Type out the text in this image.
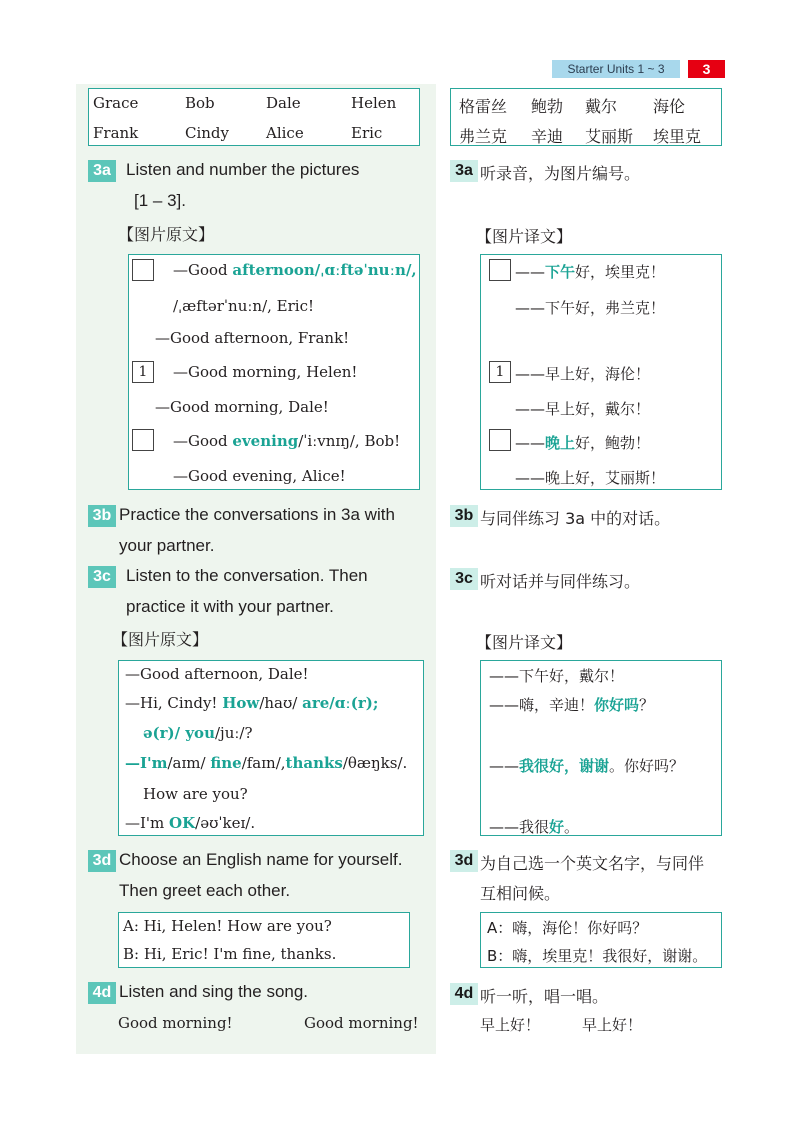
Starter Units 1 ~ 3	3
Grace	Bob	Dale	Helen
Frank	Cindy Alice	Eric
格雷丝 鲍勃 戴尔 海伦
弗兰克 辛迪 艾丽斯 埃里克
3a Listen and number the pictures
[1 – 3].
3a 听录音，为图片编号。
【图片原文】	【图片译文】
—Good afternoon/ˌɑːftəˈnuːn/,
/ˌæftərˈnuːn/, Eric!
—Good afternoon, Frank!
1	—Good morning, Helen!
—Good morning, Dale!
—Good evening/ˈiːvnɪŋ/, Bob!
—Good evening, Alice!
——下午好，埃里克！
——下午好，弗兰克！
1 ——早上好，海伦！
——早上好，戴尔！
——晚上好，鲍勃！
——晚上好，艾丽斯！
3b Practice the conversations in 3a with
your partner.
3b 与同伴练习 3a 中的对话。
3c Listen to the conversation. Then
practice it with your partner.
3c 听对话并与同伴练习。
【图片原文】	【图片译文】
—Good afternoon, Dale!
—Hi, Cindy! How/haʊ/ are/ɑː(r);
ə(r)/ you/juː/?
—I'm/aɪm/ fine/faɪn/,thanks/θæŋks/.
How are you?
—I'm OK/əʊˈkeɪ/.
——下午好，戴尔！
——嗨，辛迪！你好吗？
——我很好，谢谢。你好吗？
——我很好。
3d Choose an English name for yourself.
Then greet each other.
3d 为自己选一个英文名字，与同伴
互相问候。
A: Hi, Helen! How are you?
B: Hi, Eric! I'm fine, thanks.
A：嗨，海伦！你好吗？
B：嗨，埃里克！我很好，谢谢。
4d Listen and sing the song.	4d 听一听，唱一唱。
Good morning!	Good morning!	早上好！	早上好！
